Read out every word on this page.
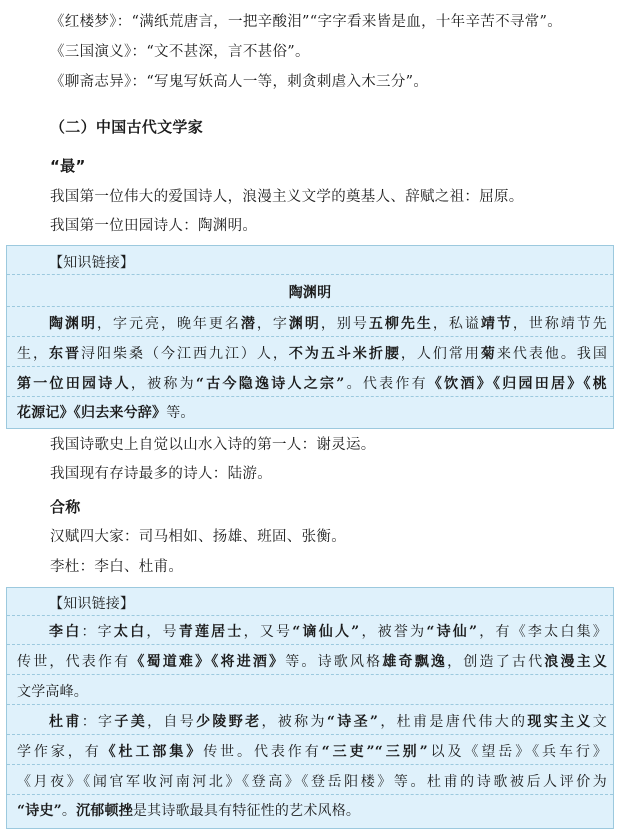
《红楼梦》：“满纸荒唐言，一把辛酸泪”“字字看来皆是血，十年辛苦不寻常”。
《三国演义》：“文不甚深，言不甚俗”。
《聊斋志异》：“写鬼写妖高人一等，刺贪刺虐入木三分”。
（二）中国古代文学家
“最”
我国第一位伟大的爱国诗人，浪漫主义文学的奠基人、辞赋之祖：屈原。
我国第一位田园诗人：陶渊明。
【知识链接】
陶渊明
陶渊明，字元亮，晚年更名潜，字渊明，别号五柳先生，私谥靖节，世称靖节先
生，东晋浔阳柴桑（今江西九江）人，不为五斗米折腰，人们常用菊来代表他。我国
第一位田园诗人，被称为“古今隐逸诗人之宗”。代表作有《饮酒》《归园田居》《桃
花源记》《归去来兮辞》等。
我国诗歌史上自觉以山水入诗的第一人：谢灵运。
我国现有存诗最多的诗人：陆游。
合称
汉赋四大家：司马相如、扬雄、班固、张衡。
李杜：李白、杜甫。
【知识链接】
李白：字太白，号青莲居士，又号“谪仙人”，被誉为“诗仙”，有《李太白集》
传世，代表作有《蜀道难》《将进酒》等。诗歌风格雄奇飘逸，创造了古代浪漫主义
文学高峰。
杜甫：字子美，自号少陵野老，被称为“诗圣”，杜甫是唐代伟大的现实主义文
学作家，有《杜工部集》传世。代表作有“三吏”“三别”以及《望岳》《兵车行》
《月夜》《闻官军收河南河北》《登高》《登岳阳楼》等。杜甫的诗歌被后人评价为
“诗史”。沉郁顿挫是其诗歌最具有特征性的艺术风格。
